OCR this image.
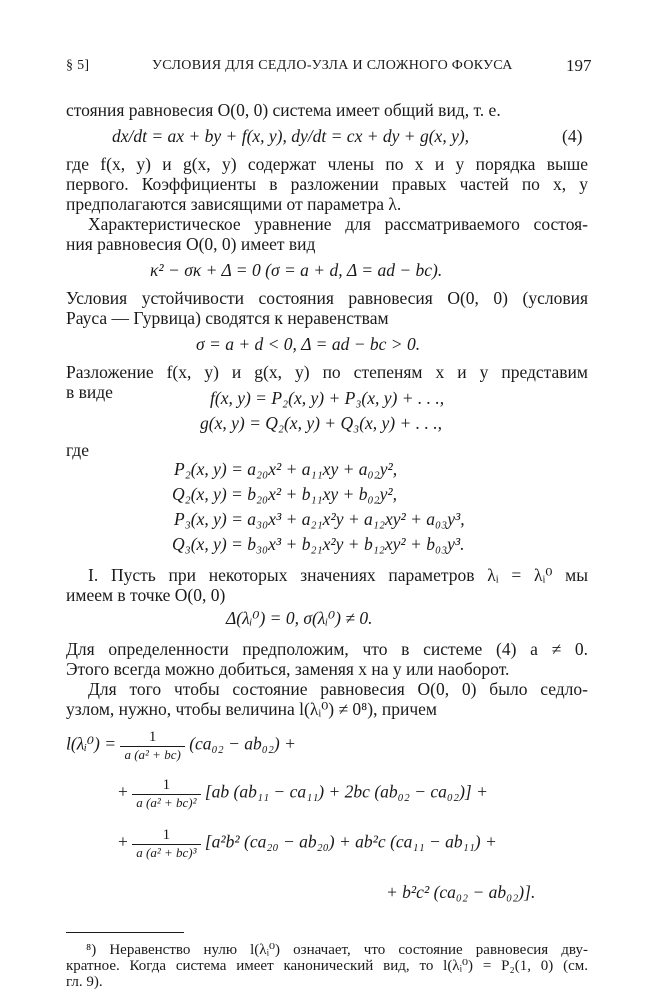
§ 5]	УСЛОВИЯ ДЛЯ СЕДЛО-УЗЛА И СЛОЖНОГО ФОКУСА	197
стояния равновесия O(0, 0) система имеет общий вид, т. е.
dx/dt = ax + by + f(x, y), dy/dt = cx + dy + g(x, y),	(4)
где f(x, y) и g(x, y) содержат члены по x и y порядка выше
первого. Коэффициенты в разложении правых частей по x, y
предполагаются зависящими от параметра λ.
Характеристическое уравнение для рассматриваемого состоя-
ния равновесия O(0, 0) имеет вид
κ² − σκ + Δ = 0 (σ = a + d, Δ = ad − bc).
Условия устойчивости состояния равновесия O(0, 0) (условия
Рауса — Гурвица) сводятся к неравенствам
σ = a + d < 0, Δ = ad − bc > 0.
Разложение f(x, y) и g(x, y) по степеням x и y представим
в виде	f(x, y) = P₂(x, y) + P₃(x, y) + . . .,
g(x, y) = Q₂(x, y) + Q₃(x, y) + . . .,
где
P₂(x, y) = a₂₀x² + a₁₁xy + a₀₂y²,
Q₂(x, y) = b₂₀x² + b₁₁xy + b₀₂y²,
P₃(x, y) = a₃₀x³ + a₂₁x²y + a₁₂xy² + a₀₃y³,
Q₃(x, y) = b₃₀x³ + b₂₁x²y + b₁₂xy² + b₀₃y³.
I. Пусть при некоторых значениях параметров λᵢ = λᵢ⁰ мы
имеем в точке O(0, 0)
Δ(λᵢ⁰) = 0, σ(λᵢ⁰) ≠ 0.
Для определенности предположим, что в системе (4) a ≠ 0.
Этого всегда можно добиться, заменяя x на y или наоборот.
Для того чтобы состояние равновесия O(0, 0) было седло-
узлом, нужно, чтобы величина l(λᵢ⁰) ≠ 0⁸), причем
l(λᵢ⁰) = $\frac{1}{\text{a (a² + bc)}} (ca_{02} - ab_{02})$ +
+ $\frac{1}{\text{a (a² + bc)²}} [ab$ (ab₁₁ − ca₁₁) + 2bc (ab₀₂ − ca₀₂)] +
+ $\frac{1}{\text{a (a² + bc)³}} [a^2b^2$ (ca₂₀ − ab₂₀) + ab²c (ca₁₁ − ab₁₁) +
+ b²c² (ca₀₂ − ab₀₂)].
⁸) Неравенство нулю l(λᵢ⁰) означает, что состояние равновесия дву-
кратное. Когда система имеет канонический вид, то l(λᵢ⁰) = P₂(1, 0) (см.
гл. 9).
